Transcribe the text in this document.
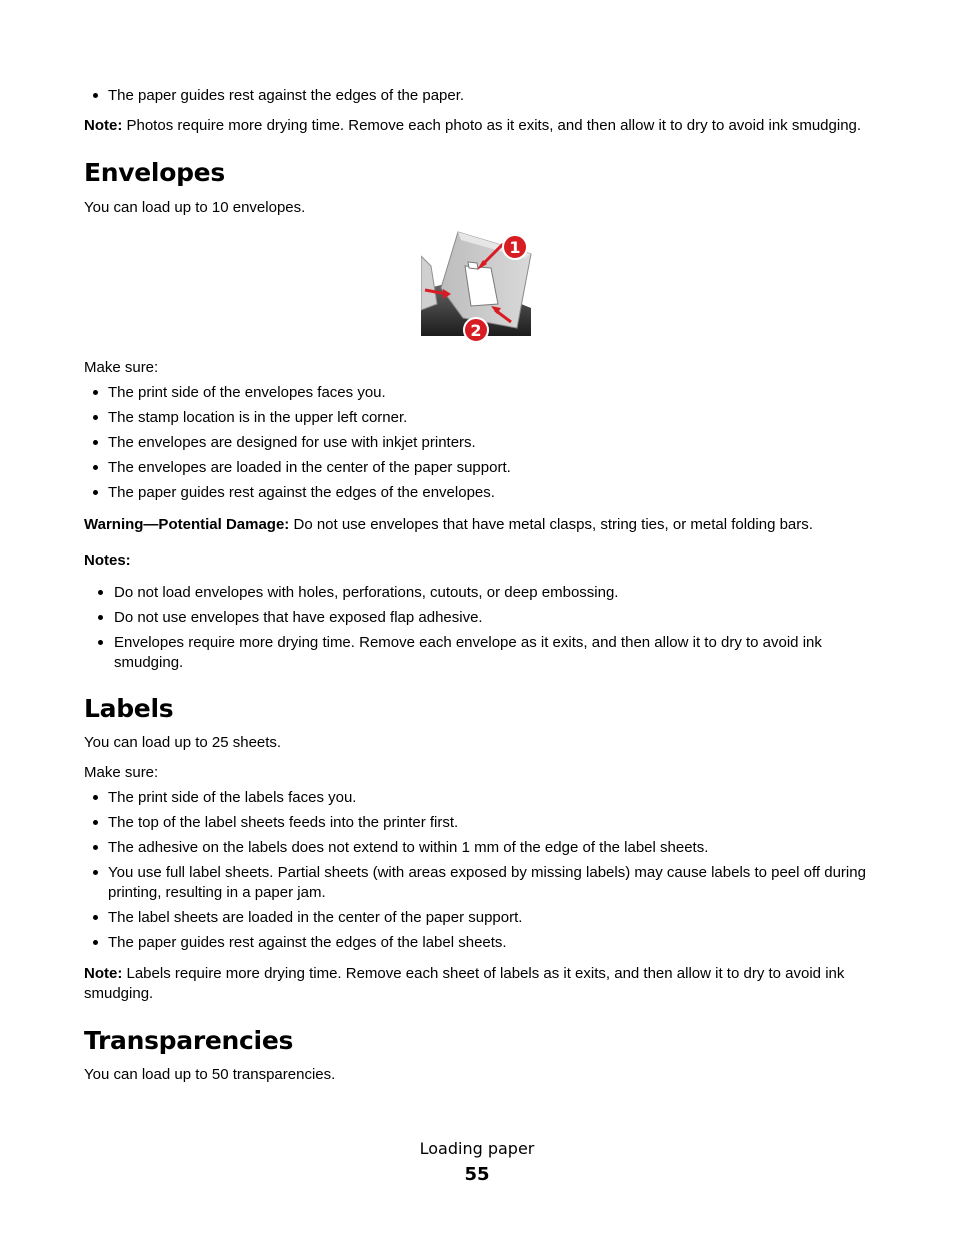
The paper guides rest against the edges of the paper.

Note: Photos require more drying time. Remove each photo as it exits, and then allow it to dry to avoid ink smudging.

Envelopes

You can load up to 10 envelopes.

1
2

Make sure:

The print side of the envelopes faces you.
The stamp location is in the upper left corner.
The envelopes are designed for use with inkjet printers.
The envelopes are loaded in the center of the paper support.
The paper guides rest against the edges of the envelopes.

Warning—Potential Damage: Do not use envelopes that have metal clasps, string ties, or metal folding bars.

Notes:

Do not load envelopes with holes, perforations, cutouts, or deep embossing.
Do not use envelopes that have exposed flap adhesive.
Envelopes require more drying time. Remove each envelope as it exits, and then allow it to dry to avoid ink smudging.
Labels

You can load up to 25 sheets.

Make sure:

The print side of the labels faces you.
The top of the label sheets feeds into the printer first.
The adhesive on the labels does not extend to within 1 mm of the edge of the label sheets.
You use full label sheets. Partial sheets (with areas exposed by missing labels) may cause labels to peel off during printing, resulting in a paper jam.
The label sheets are loaded in the center of the paper support.
The paper guides rest against the edges of the label sheets.

Note: Labels require more drying time. Remove each sheet of labels as it exits, and then allow it to dry to avoid ink smudging.

Transparencies

You can load up to 50 transparencies.

Loading paper
55
